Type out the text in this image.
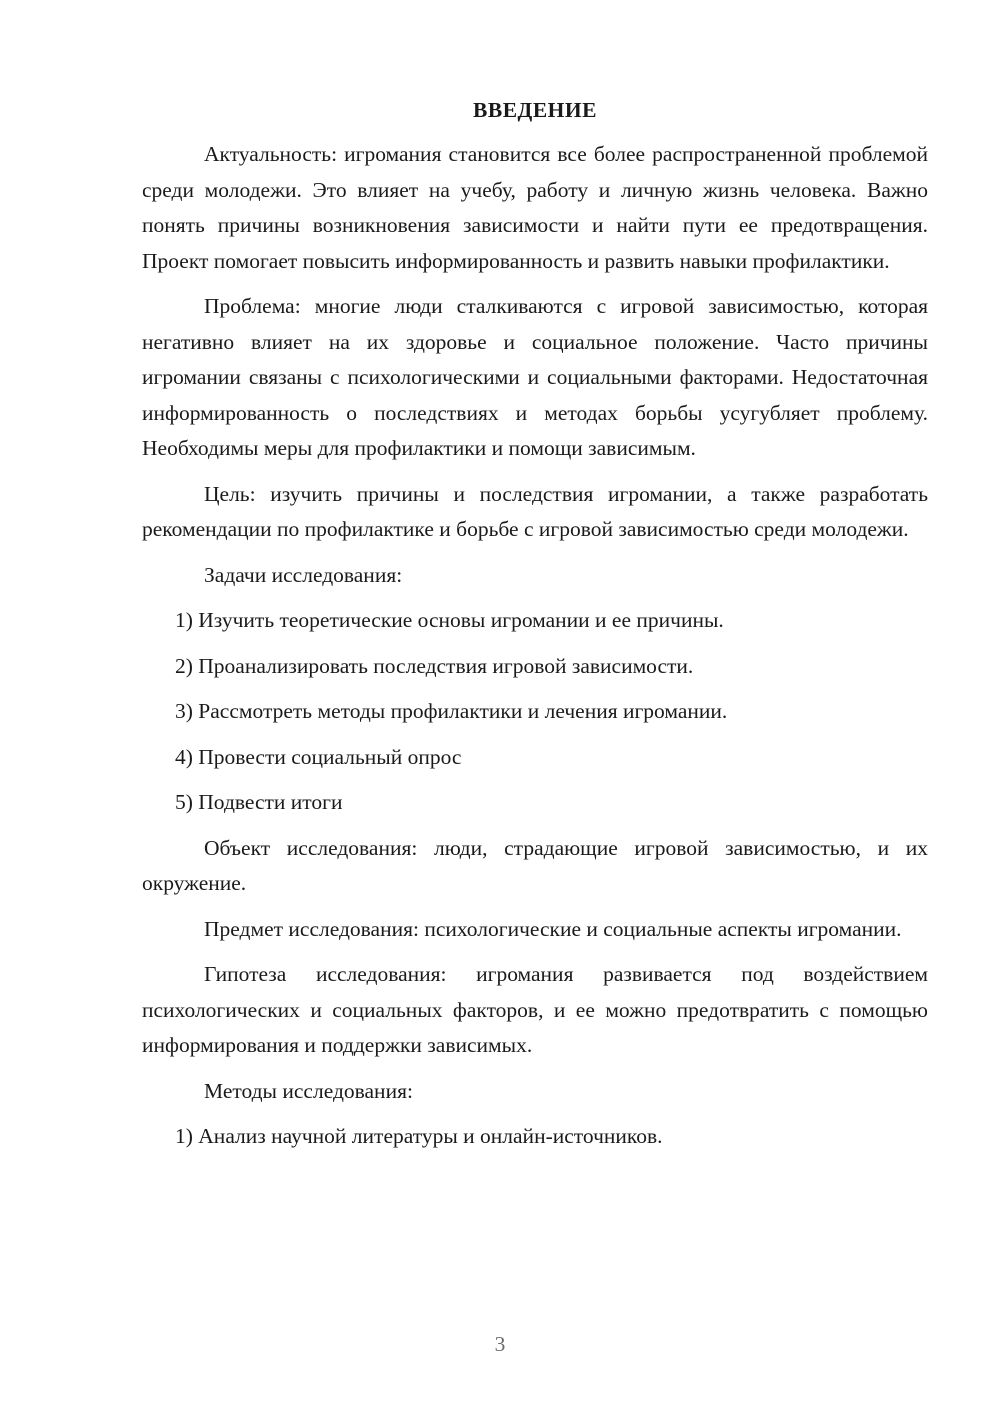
ВВЕДЕНИЕ

Актуальность: игромания становится все более распространенной проблемой среди молодежи. Это влияет на учебу, работу и личную жизнь человека. Важно понять причины возникновения зависимости и найти пути ее предотвращения. Проект помогает повысить информированность и развить навыки профилактики.

Проблема: многие люди сталкиваются с игровой зависимостью, которая негативно влияет на их здоровье и социальное положение. Часто причины игромании связаны с психологическими и социальными факторами. Недостаточная информированность о последствиях и методах борьбы усугубляет проблему. Необходимы меры для профилактики и помощи зависимым.

Цель: изучить причины и последствия игромании, а также разработать рекомендации по профилактике и борьбе с игровой зависимостью среди молодежи.

Задачи исследования:

1) Изучить теоретические основы игромании и ее причины.

2) Проанализировать последствия игровой зависимости.

3) Рассмотреть методы профилактики и лечения игромании.

4) Провести социальный опрос

5) Подвести итоги

Объект исследования: люди, страдающие игровой зависимостью, и их окружение.

Предмет исследования: психологические и социальные аспекты игромании.

Гипотеза исследования: игромания развивается под воздействием психологических и социальных факторов, и ее можно предотвратить с помощью информирования и поддержки зависимых.

Методы исследования:

1) Анализ научной литературы и онлайн-источников.

3
